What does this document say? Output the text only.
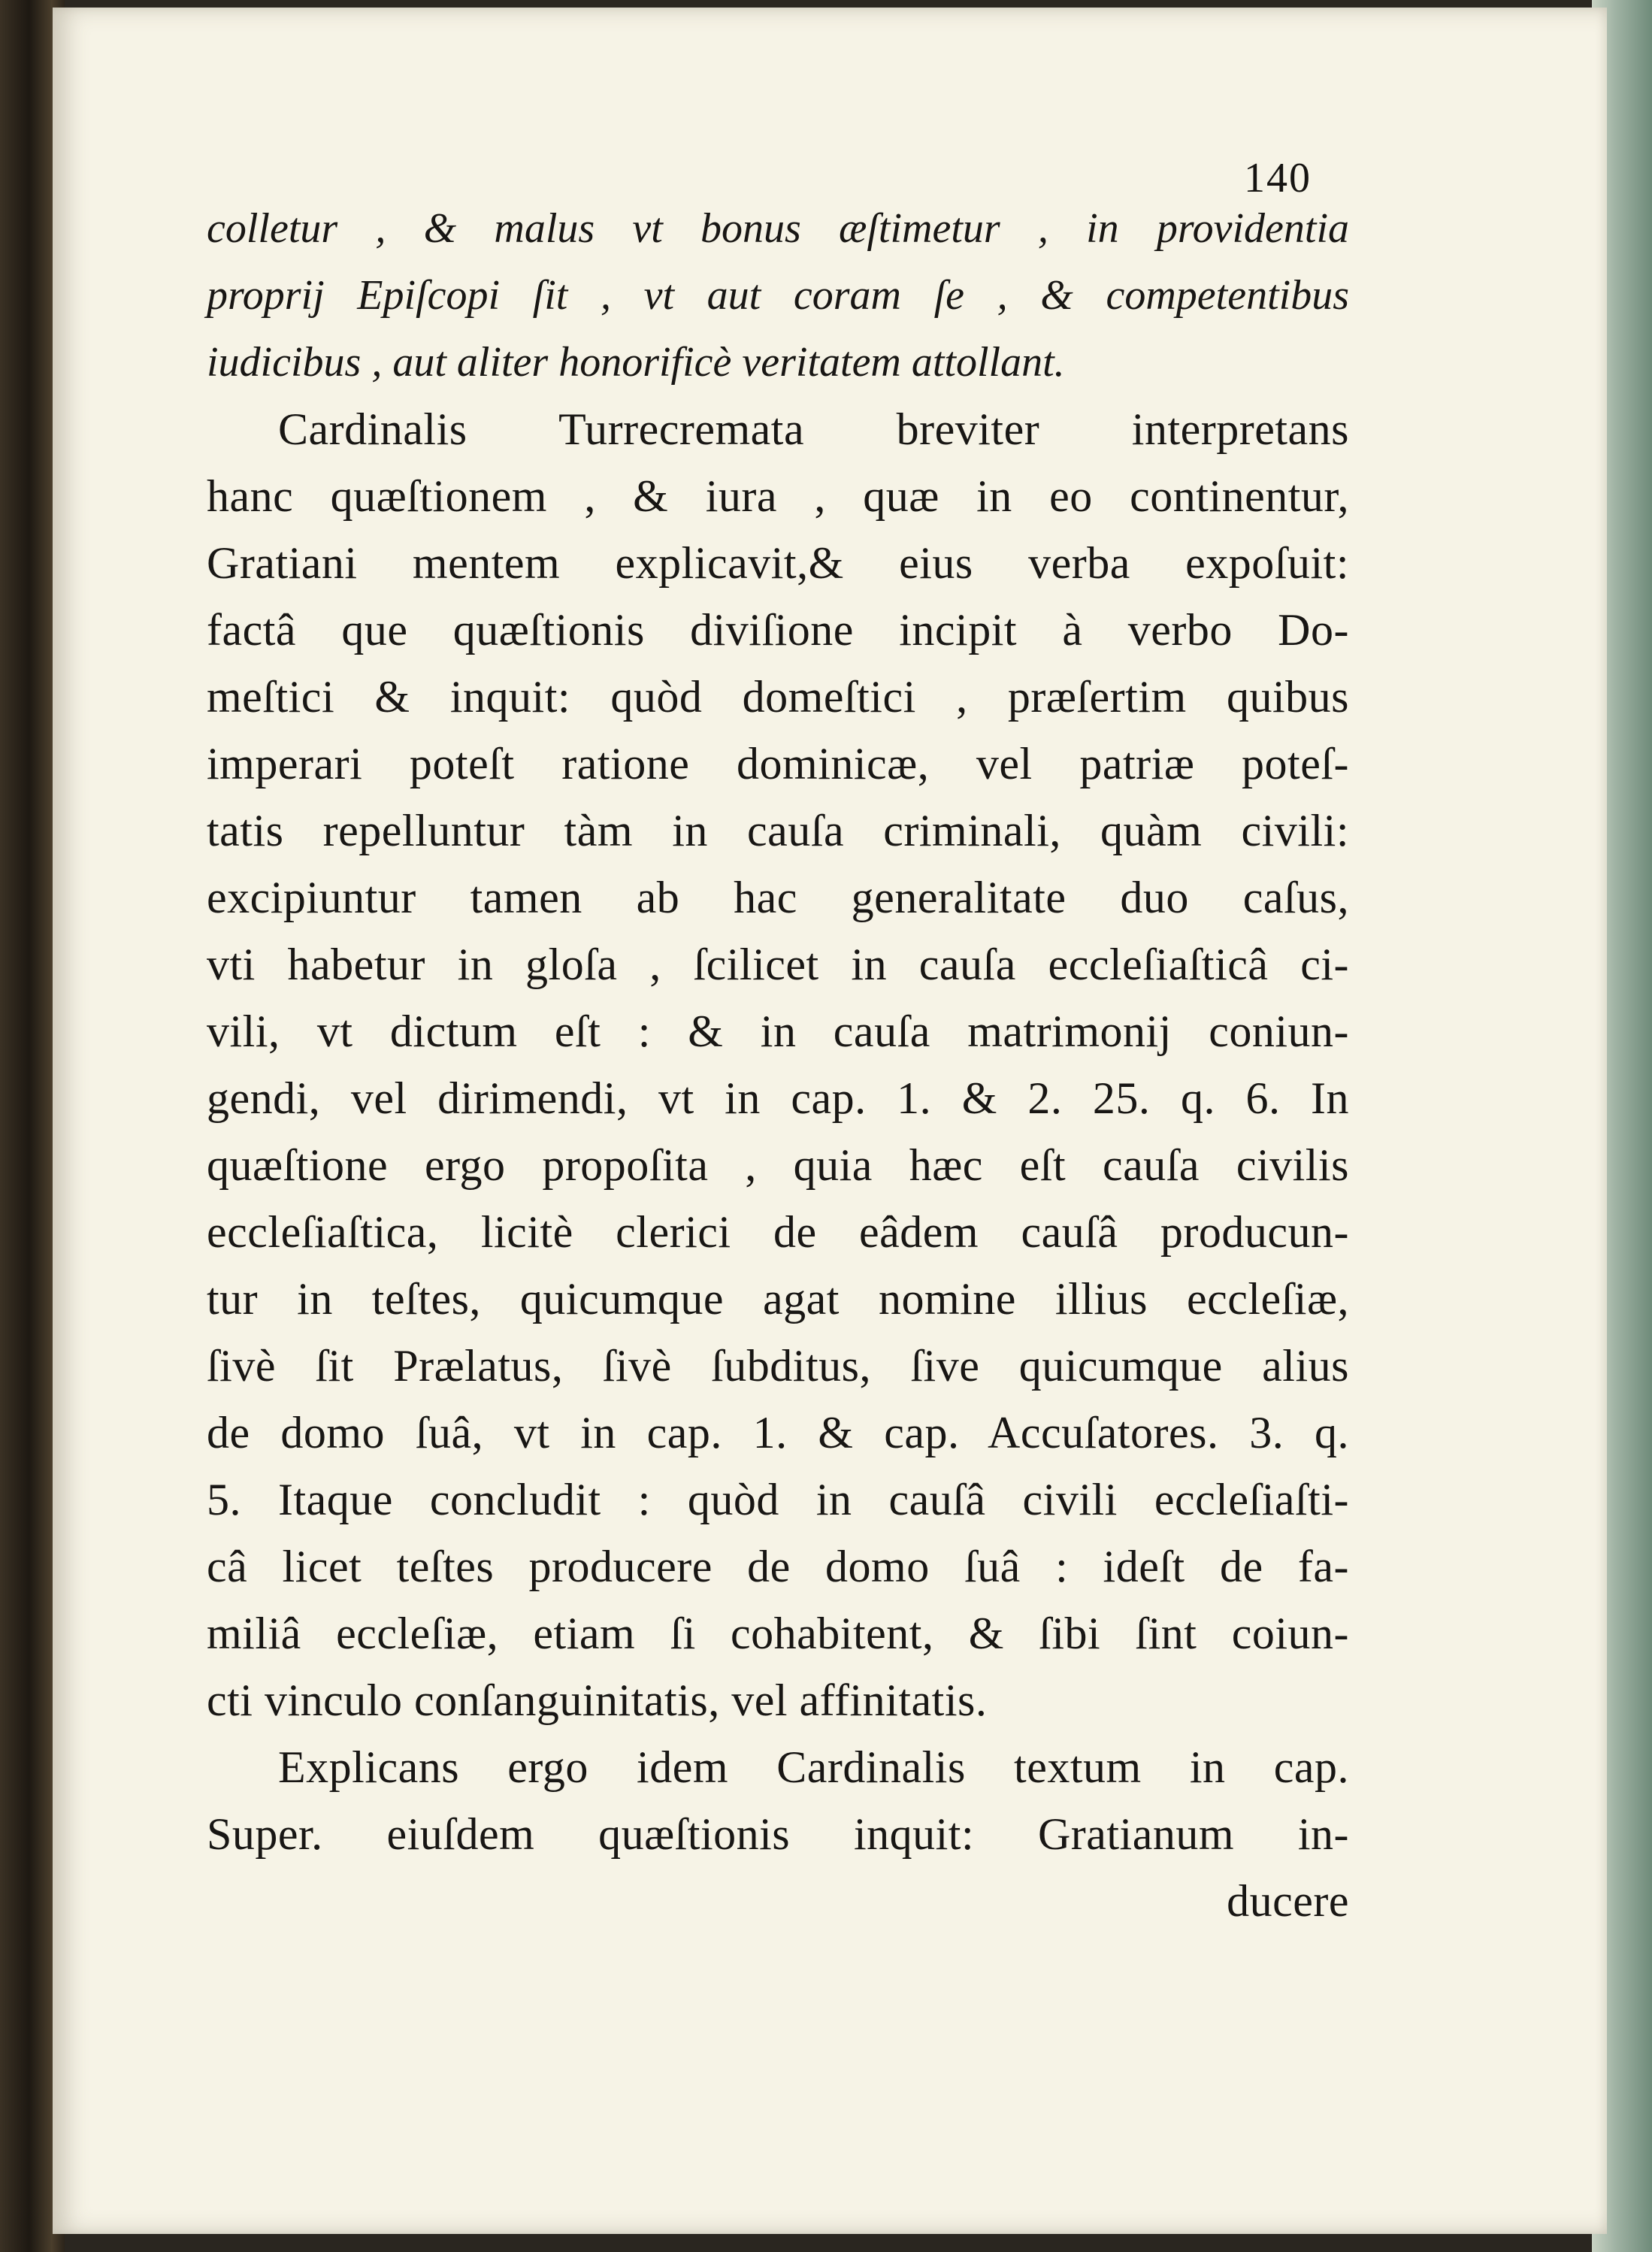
140
colletur , & malus vt bonus æſtimetur , in providentia
proprij Epiſcopi ſit , vt aut coram ſe , & competentibus
iudicibus , aut aliter honorificè veritatem attollant.
Cardinalis Turrecremata breviter interpretans
hanc quæſtionem , & iura , quæ in eo continentur,
Gratiani mentem explicavit,& eius verba expoſuit:
factâ que quæſtionis diviſione incipit à verbo Do-
meſtici & inquit: quòd domeſtici , præſertim quibus
imperari poteſt ratione dominicæ, vel patriæ poteſ-
tatis repelluntur tàm in cauſa criminali, quàm civili:
excipiuntur tamen ab hac generalitate duo caſus,
vti habetur in gloſa , ſcilicet in cauſa eccleſiaſticâ ci-
vili, vt dictum eſt : & in cauſa matrimonij coniun-
gendi, vel dirimendi, vt in cap. 1. & 2. 25. q. 6. In
quæſtione ergo propoſita , quia hæc eſt cauſa civilis
eccleſiaſtica, licitè clerici de eâdem cauſâ producun-
tur in teſtes, quicumque agat nomine illius eccleſiæ,
ſivè ſit Prælatus, ſivè ſubditus, ſive quicumque alius
de domo ſuâ, vt in cap. 1. & cap. Accuſatores. 3. q.
5. Itaque concludit : quòd in cauſâ civili eccleſiaſti-
câ licet teſtes producere de domo ſuâ : ideſt de fa-
miliâ eccleſiæ, etiam ſi cohabitent, & ſibi ſint coiun-
cti vinculo conſanguinitatis, vel affinitatis.
Explicans ergo idem Cardinalis textum in cap.
Super. eiuſdem quæſtionis inquit: Gratianum in-
ducere
